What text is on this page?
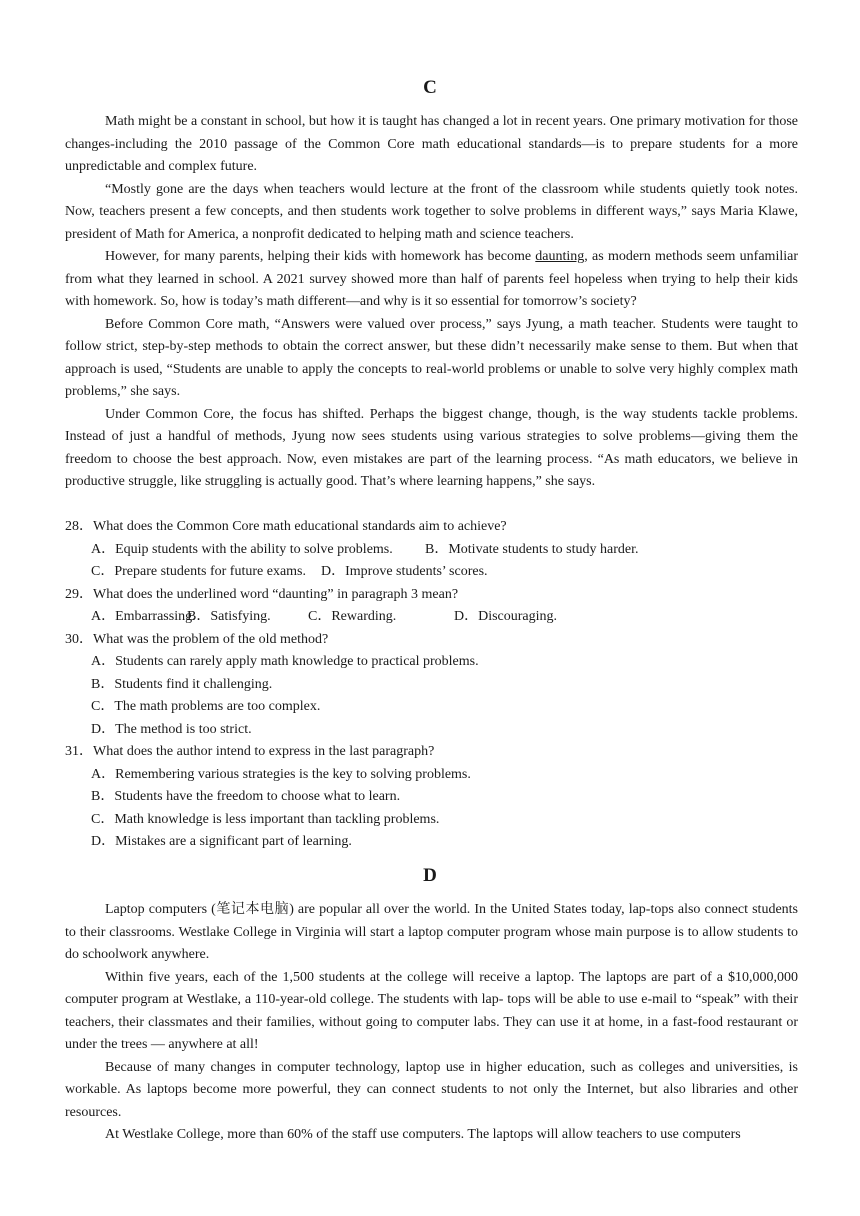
C

Math might be a constant in school, but how it is taught has changed a lot in recent years. One primary motivation for those changes-including the 2010 passage of the Common Core math educational standards—is to prepare students for a more unpredictable and complex future.

“Mostly gone are the days when teachers would lecture at the front of the classroom while students quietly took notes. Now, teachers present a few concepts, and then students work together to solve problems in different ways,” says Maria Klawe, president of Math for America, a nonprofit dedicated to helping math and science teachers.

However, for many parents, helping their kids with homework has become daunting, as modern methods seem unfamiliar from what they learned in school. A 2021 survey showed more than half of parents feel hopeless when trying to help their kids with homework. So, how is today’s math different—and why is it so essential for tomorrow’s society?

Before Common Core math, “Answers were valued over process,” says Jyung, a math teacher. Students were taught to follow strict, step-by-step methods to obtain the correct answer, but these didn’t necessarily make sense to them. But when that approach is used, “Students are unable to apply the concepts to real-world problems or unable to solve very highly complex math problems,” she says.

Under Common Core, the focus has shifted. Perhaps the biggest change, though, is the way students tackle problems. Instead of just a handful of methods, Jyung now sees students using various strategies to solve problems—giving them the freedom to choose the best approach. Now, even mistakes are part of the learning process. “As math educators, we believe in productive struggle, like struggling is actually good. That’s where learning happens,” she says.

28．What does the Common Core math educational standards aim to achieve?

A．Equip students with the ability to solve problems. B．Motivate students to study harder.
C．Prepare students for future exams. D．Improve students’ scores.

29．What does the underlined word “daunting” in paragraph 3 mean?

A．Embarrassing.B．Satisfying.	C．Rewarding.	D．Discouraging.

30．What was the problem of the old method?

A．Students can rarely apply math knowledge to practical problems.
B．Students find it challenging.
C．The math problems are too complex.
D．The method is too strict.

31．What does the author intend to express in the last paragraph?

A．Remembering various strategies is the key to solving problems.
B．Students have the freedom to choose what to learn.
C．Math knowledge is less important than tackling problems.
D．Mistakes are a significant part of learning.
D

Laptop computers (笔记本电脑) are popular all over the world. In the United States today, lap-tops also connect students to their classrooms. Westlake College in Virginia will start a laptop computer program whose main purpose is to allow students to do schoolwork anywhere.

Within five years, each of the 1,500 students at the college will receive a laptop. The laptops are part of a $10,000,000 computer program at Westlake, a 110-year-old college. The students with lap- tops will be able to use e-mail to “speak” with their teachers, their classmates and their families, without going to computer labs. They can use it at home, in a fast-food restaurant or under the trees — anywhere at all!

Because of many changes in computer technology, laptop use in higher education, such as colleges and universities, is workable. As laptops become more powerful, they can connect students to not only the Internet, but also libraries and other resources.

At Westlake College, more than 60% of the staff use computers. The laptops will allow teachers to use computers
